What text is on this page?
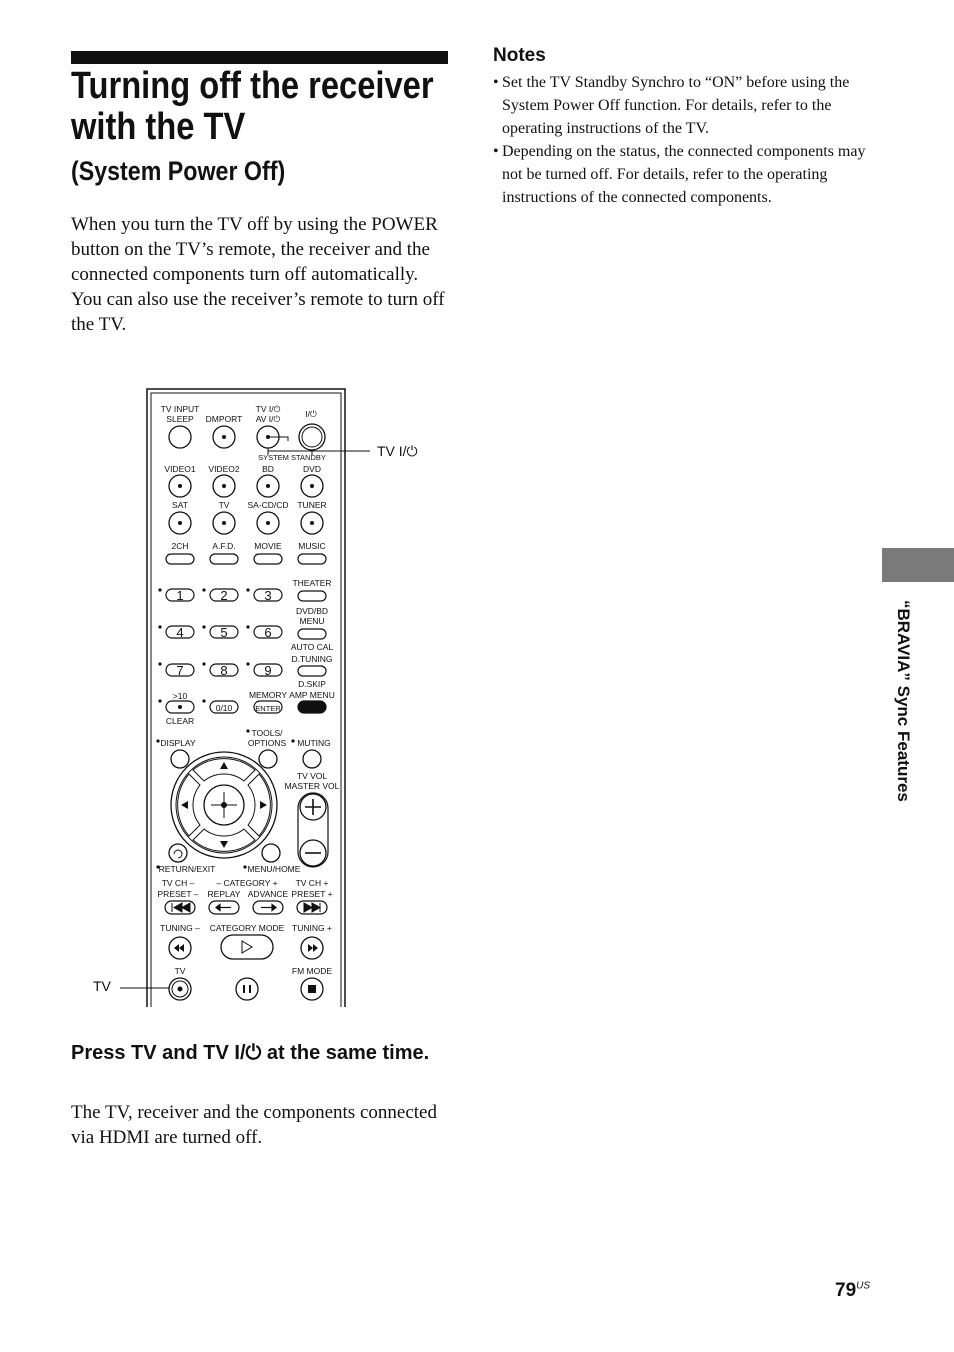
Turning off the receiver
with the TV
(System Power Off)

When you turn the TV off by using the POWER button on the TV’s remote, the receiver and the connected components turn off automatically.

You can also use the receiver’s remote to turn off the TV.

Notes
• Set the TV Standby Synchro to “ON” before using the System Power Off function. For details, refer to the operating instructions of the TV.
• Depending on the status, the connected components may not be turned off. For details, refer to the operating instructions of the connected components.
“BRAVIA” Sync Features
TV INPUT
SLEEP DMPORT
TV I/⏻
AV I/⏻	I/⏻
SYSTEM STANDBY	TV I/⏻
VIDEO1 VIDEO2	BD	DVD
SAT	TV SA-CD/CD TUNER
2CH	A.F.D. MOVIE MUSIC
THEATER
DVD/BD
MENU
AUTO CAL
D.TUNING
D.SKIP
1	2	3
4	5	6
7	8	9
>10
CLEAR
0/10
MEMORY
ENTER
AMP MENU
DISPLAY
TOOLS/
OPTIONS MUTING
TV VOL
MASTER VOL
RETURN/EXIT	MENU/HOME
TV CH –
PRESET –
– CATEGORY +
REPLAY ADVANCE
TV CH +
PRESET +
TUNING – CATEGORY MODE TUNING +
TV	FM MODE
TV
Press TV and TV I/⏻ at the same time.
The TV, receiver and the components connected via HDMI are turned off.
$79^{US}$
